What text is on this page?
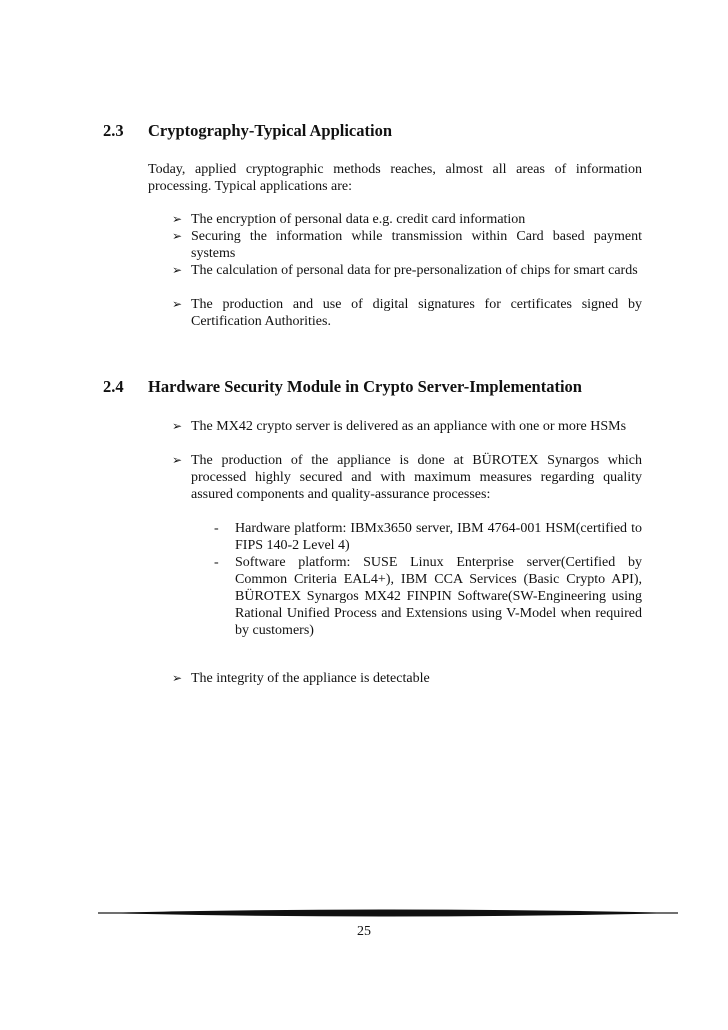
2.3 Cryptography-Typical Application

Today, applied cryptographic methods reaches, almost all areas of information processing. Typical applications are:

➢ The encryption of personal data e.g. credit card information
➢ Securing the information while transmission within Card based payment systems
➢ The calculation of personal data for pre-personalization of chips for smart cards
➢ The production and use of digital signatures for certificates signed by Certification Authorities.
2.4 Hardware Security Module in Crypto Server-Implementation
➢ The MX42 crypto server is delivered as an appliance with one or more HSMs
➢ The production of the appliance is done at BÜROTEX Synargos which processed highly secured and with maximum measures regarding quality assured components and quality-assurance processes:
- Hardware platform: IBMx3650 server, IBM 4764-001 HSM(certified to FIPS 140-2 Level 4)
- Software platform: SUSE Linux Enterprise server(Certified by Common Criteria EAL4+), IBM CCA Services (Basic Crypto API), BÜROTEX Synargos MX42 FINPIN Software(SW-Engineering using Rational Unified Process and Extensions using V-Model when required by customers)
➢ The integrity of the appliance is detectable
25
